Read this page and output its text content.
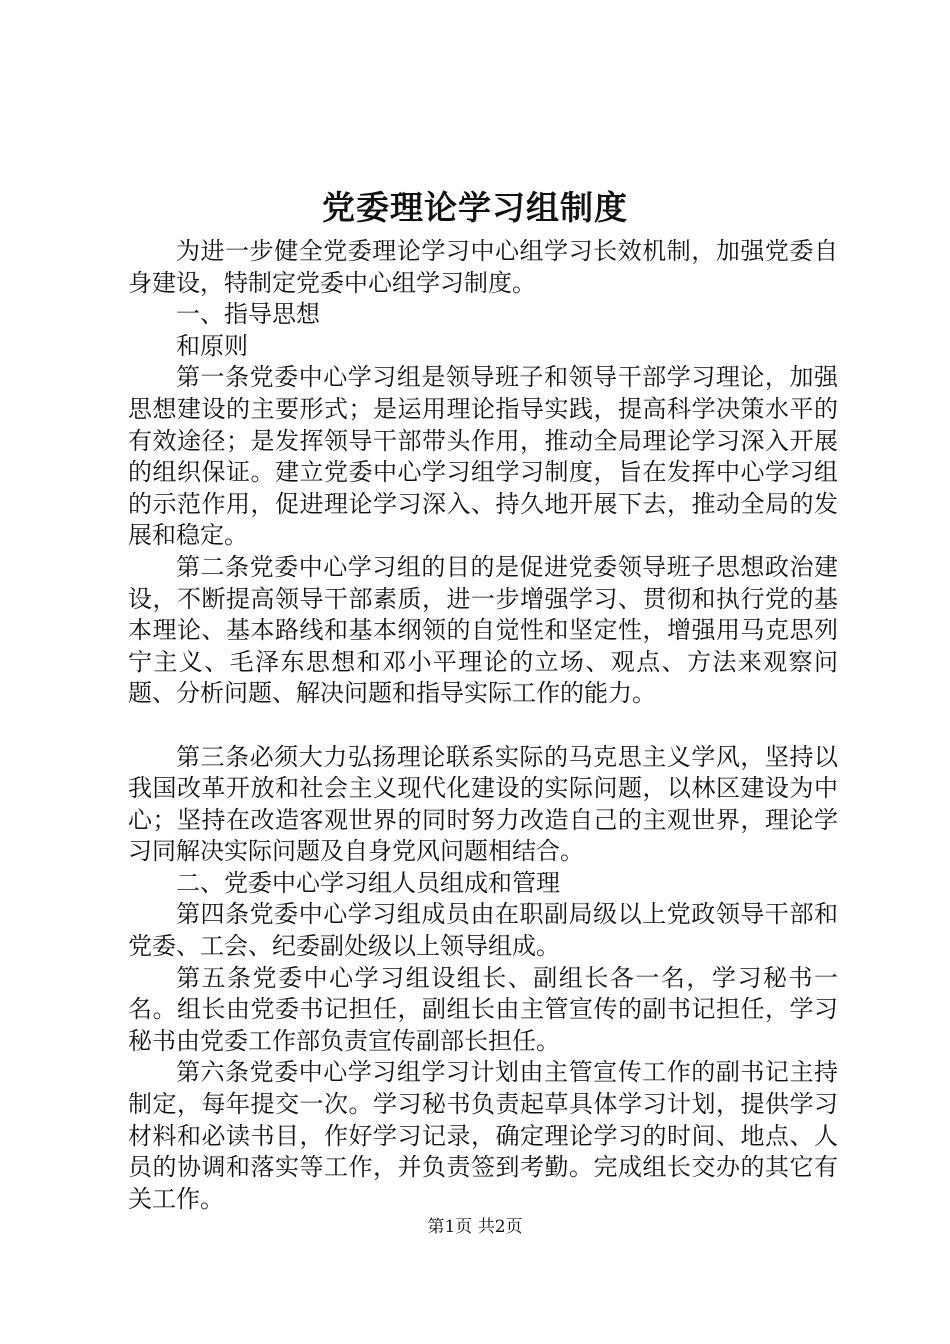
党委理论学习组制度

为进一步健全党委理论学习中心组学习长效机制，加强党委自身建设，特制定党委中心组学习制度。

一、指导思想

和原则

第一条党委中心学习组是领导班子和领导干部学习理论，加强思想建设的主要形式；是运用理论指导实践，提高科学决策水平的有效途径；是发挥领导干部带头作用，推动全局理论学习深入开展的组织保证。建立党委中心学习组学习制度，旨在发挥中心学习组的示范作用，促进理论学习深入、持久地开展下去，推动全局的发展和稳定。

第二条党委中心学习组的目的是促进党委领导班子思想政治建设，不断提高领导干部素质，进一步增强学习、贯彻和执行党的基本理论、基本路线和基本纲领的自觉性和坚定性，增强用马克思列宁主义、毛泽东思想和邓小平理论的立场、观点、方法来观察问题、分析问题、解决问题和指导实际工作的能力。

第三条必须大力弘扬理论联系实际的马克思主义学风，坚持以我国改革开放和社会主义现代化建设的实际问题，以林区建设为中心；坚持在改造客观世界的同时努力改造自己的主观世界，理论学习同解决实际问题及自身党风问题相结合。

二、党委中心学习组人员组成和管理

第四条党委中心学习组成员由在职副局级以上党政领导干部和党委、工会、纪委副处级以上领导组成。

第五条党委中心学习组设组长、副组长各一名，学习秘书一名。组长由党委书记担任，副组长由主管宣传的副书记担任，学习秘书由党委工作部负责宣传副部长担任。

第六条党委中心学习组学习计划由主管宣传工作的副书记主持制定，每年提交一次。学习秘书负责起草具体学习计划，提供学习材料和必读书目，作好学习记录，确定理论学习的时间、地点、人员的协调和落实等工作，并负责签到考勤。完成组长交办的其它有关工作。

第1页 共2页
